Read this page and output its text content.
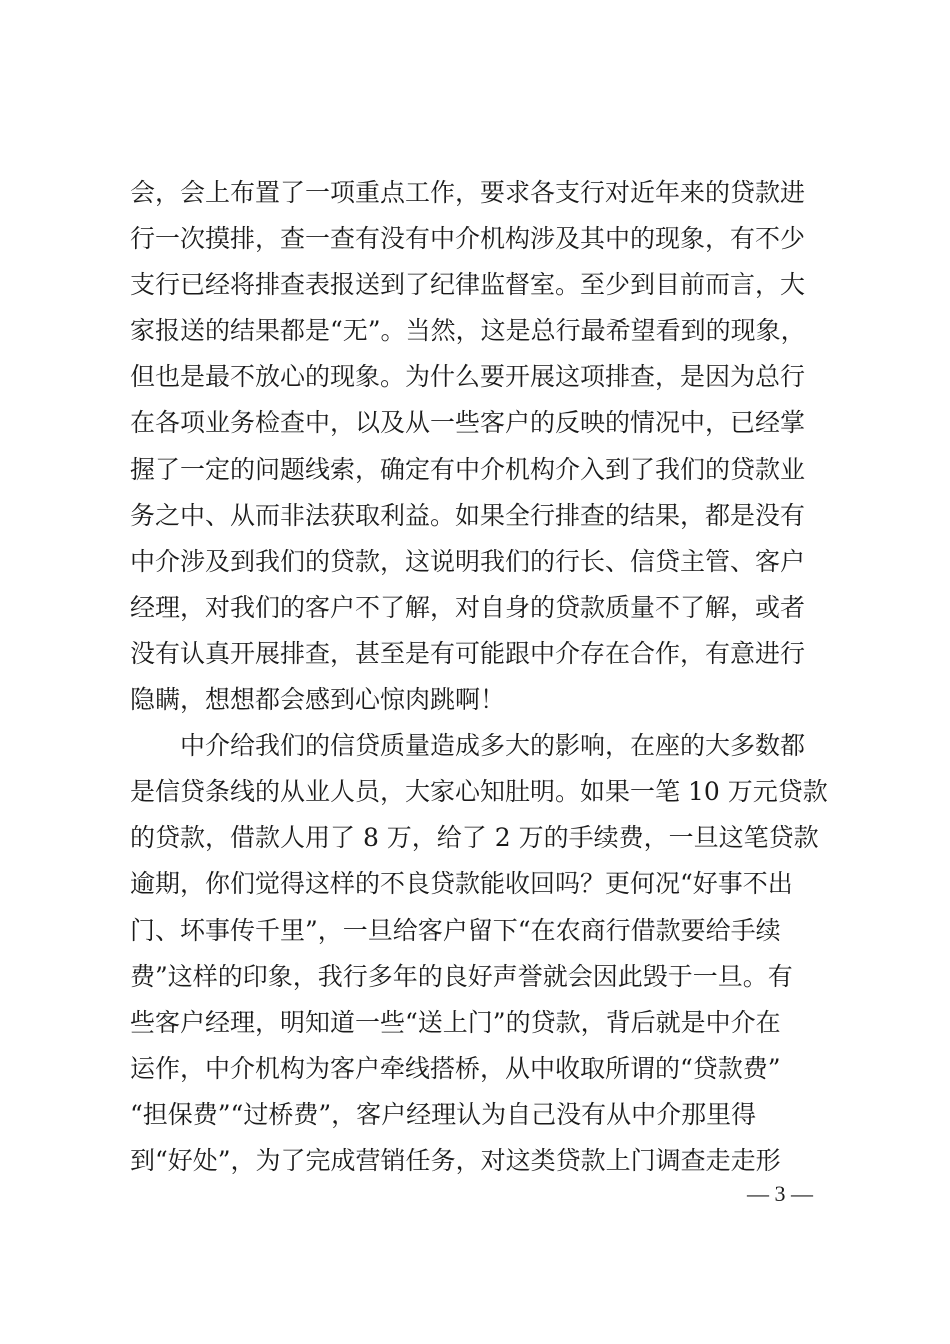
会，会上布置了一项重点工作，要求各支行对近年来的贷款进
行一次摸排，查一查有没有中介机构涉及其中的现象，有不少
支行已经将排查表报送到了纪律监督室。至少到目前而言，大
家报送的结果都是“无”。当然，这是总行最希望看到的现象，
但也是最不放心的现象。为什么要开展这项排查，是因为总行
在各项业务检查中，以及从一些客户的反映的情况中，已经掌
握了一定的问题线索，确定有中介机构介入到了我们的贷款业
务之中、从而非法获取利益。如果全行排查的结果，都是没有
中介涉及到我们的贷款，这说明我们的行长、信贷主管、客户
经理，对我们的客户不了解，对自身的贷款质量不了解，或者
没有认真开展排查，甚至是有可能跟中介存在合作，有意进行
隐瞒，想想都会感到心惊肉跳啊！

中介给我们的信贷质量造成多大的影响，在座的大多数都
是信贷条线的从业人员，大家心知肚明。如果一笔 10 万元贷款
的贷款，借款人用了 8 万，给了 2 万的手续费，一旦这笔贷款
逾期，你们觉得这样的不良贷款能收回吗？更何况“好事不出
门、坏事传千里”，一旦给客户留下“在农商行借款要给手续
费”这样的印象，我行多年的良好声誉就会因此毁于一旦。有
些客户经理，明知道一些“送上门”的贷款，背后就是中介在
运作，中介机构为客户牵线搭桥，从中收取所谓的“贷款费”
“担保费”“过桥费”，客户经理认为自己没有从中介那里得
到“好处”，为了完成营销任务，对这类贷款上门调查走走形

— 3 —
